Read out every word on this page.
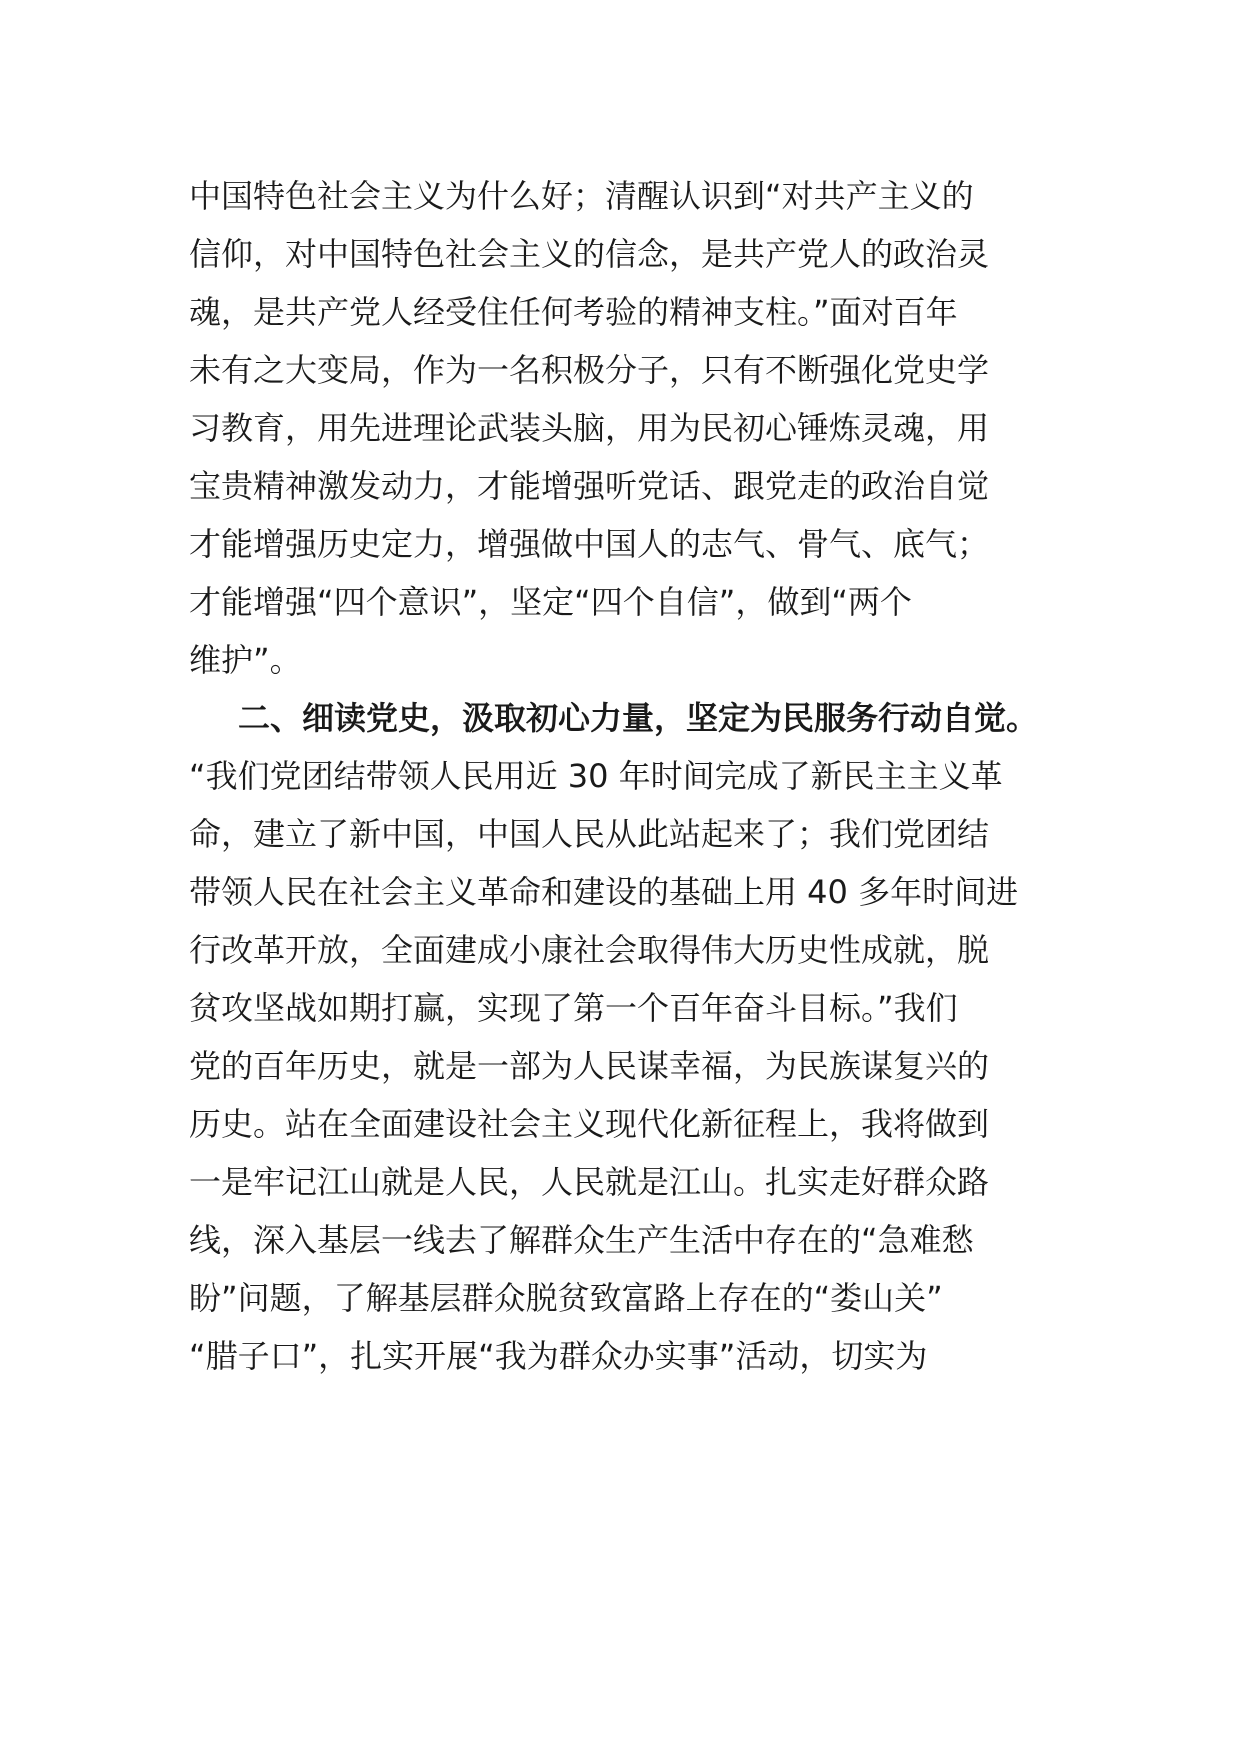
中国特色社会主义为什么好；清醒认识到“对共产主义的
信仰，对中国特色社会主义的信念，是共产党人的政治灵
魂，是共产党人经受住任何考验的精神支柱。”面对百年
未有之大变局，作为一名积极分子，只有不断强化党史学
习教育，用先进理论武装头脑，用为民初心锤炼灵魂，用
宝贵精神激发动力，才能增强听党话、跟党走的政治自觉
才能增强历史定力，增强做中国人的志气、骨气、底气；
才能增强“四个意识”，坚定“四个自信”，做到“两个
维护”。
二、细读党史，汲取初心力量，坚定为民服务行动自觉。
“我们党团结带领人民用近 30 年时间完成了新民主主义革
命，建立了新中国，中国人民从此站起来了；我们党团结
带领人民在社会主义革命和建设的基础上用 40 多年时间进
行改革开放，全面建成小康社会取得伟大历史性成就，脱
贫攻坚战如期打赢，实现了第一个百年奋斗目标。”我们
党的百年历史，就是一部为人民谋幸福，为民族谋复兴的
历史。站在全面建设社会主义现代化新征程上，我将做到
一是牢记江山就是人民，人民就是江山。扎实走好群众路
线，深入基层一线去了解群众生产生活中存在的“急难愁
盼”问题，了解基层群众脱贫致富路上存在的“娄山关”
“腊子口”，扎实开展“我为群众办实事”活动，切实为
